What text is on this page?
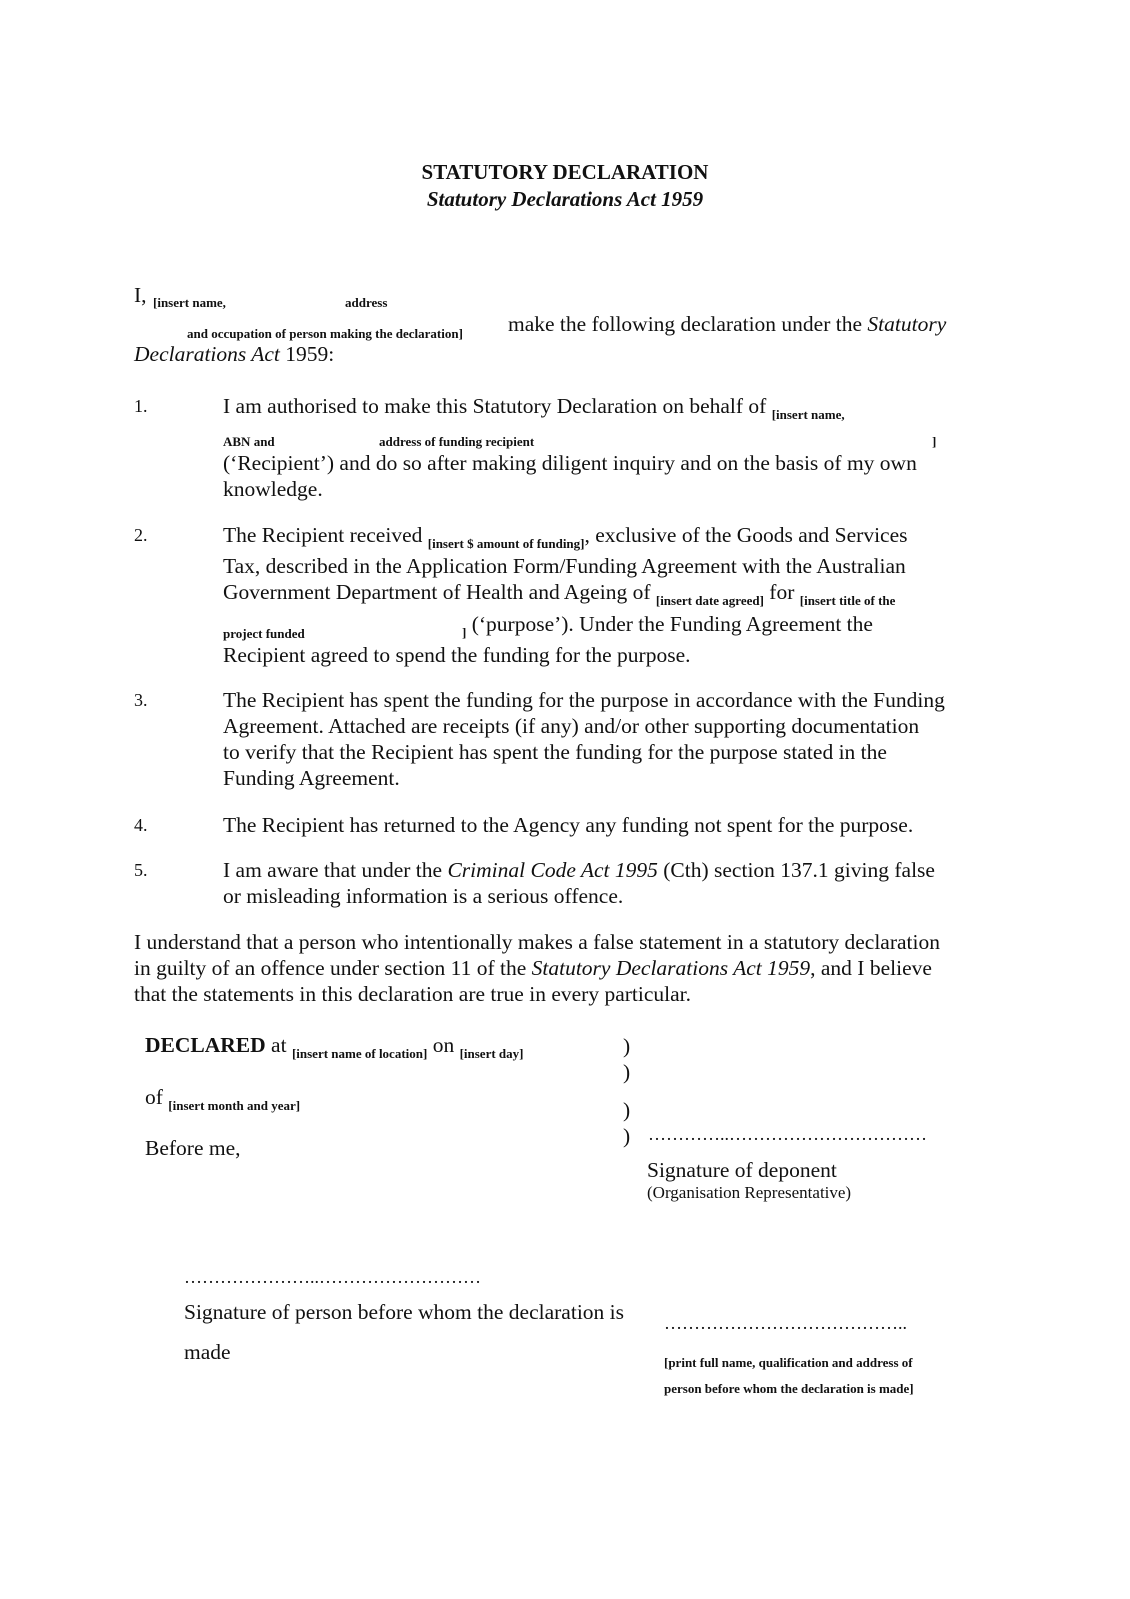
STATUTORY DECLARATION
Statutory Declarations Act 1959
I, [insert name,	address
and occupation of person making the declaration] make the following declaration under the Statutory
Declarations Act 1959:
1.	I am authorised to make this Statutory Declaration on behalf of $_{[insert name,}$
ABN and	address of funding recipient	]
(‘Recipient’) and do so after making diligent inquiry and on the basis of my own
knowledge.
2.	The Recipient received $_{[insert \$ amount of funding]}$, exclusive of the Goods and Services
Tax, described in the Application Form/Funding Agreement with the Australian
Government Department of Health and Ageing of $_{[insert date agreed]}$ for $_{[insert title of the}$
project funded	$_]$ (‘purpose’). Under the Funding Agreement the
Recipient agreed to spend the funding for the purpose.
3.	The Recipient has spent the funding for the purpose in accordance with the Funding
Agreement. Attached are receipts (if any) and/or other supporting documentation
to verify that the Recipient has spent the funding for the purpose stated in the
Funding Agreement.
4.	The Recipient has returned to the Agency any funding not spent for the purpose.
5.	I am aware that under the Criminal Code Act 1995 (Cth) section 137.1 giving false
or misleading information is a serious offence.
I understand that a person who intentionally makes a false statement in a statutory declaration
in guilty of an offence under section 11 of the Statutory Declarations Act 1959, and I believe
that the statements in this declaration are true in every particular.
DECLARED at $_{[insert name of location]}$ on $_{[insert day]}$
of $_{[insert month and year]}$
Before me,
)
)
)
) …………..……………………………
Signature of deponent
(Organisation Representative)
…………………..………………………
Signature of person before whom the declaration is
made
…………………………………..
[print full name, qualification and address of
person before whom the declaration is made]
